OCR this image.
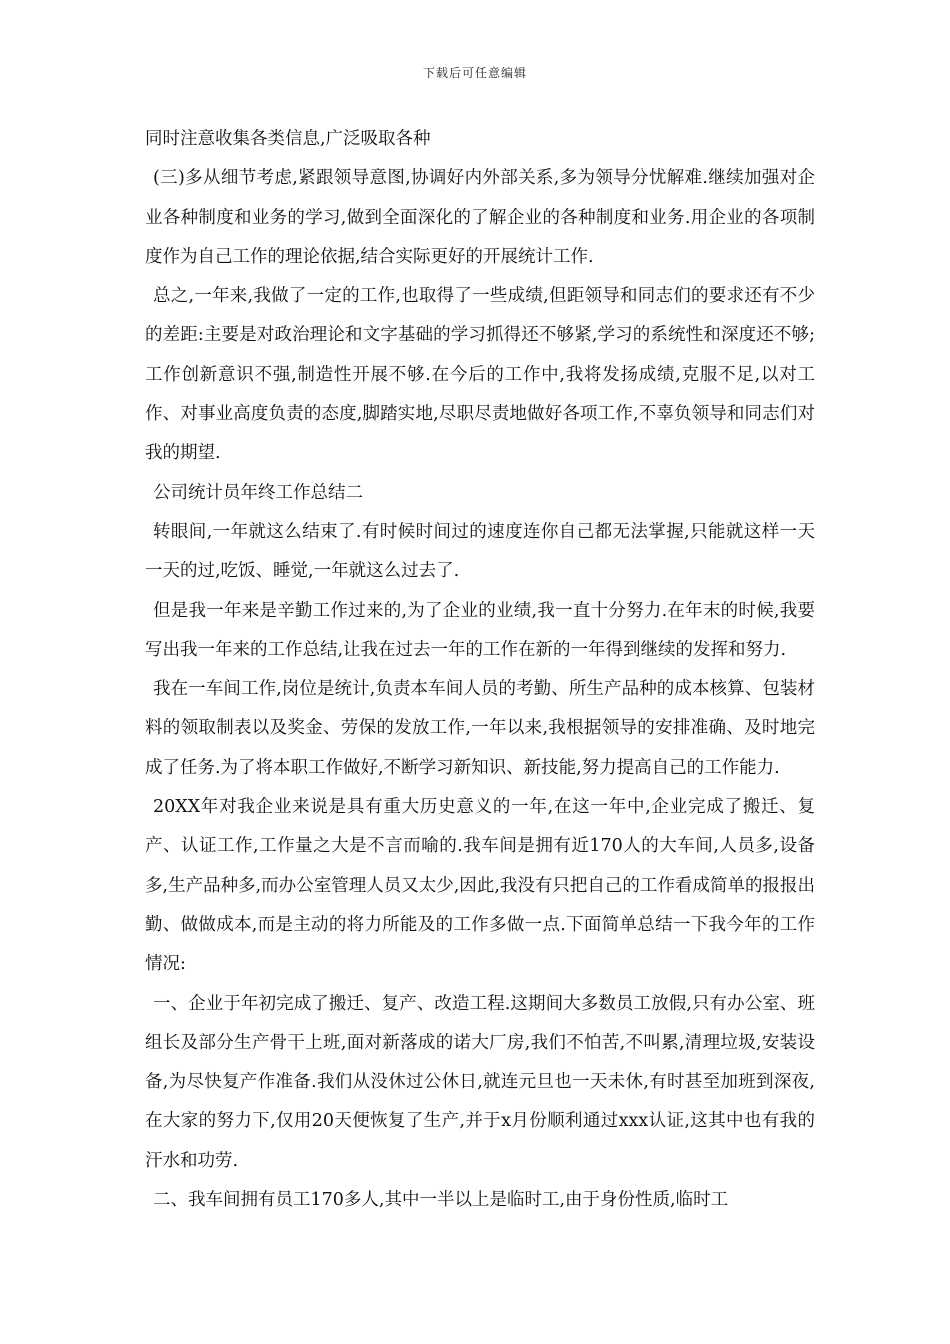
下载后可任意编辑

同时注意收集各类信息,广泛吸取各种

(三)多从细节考虑,紧跟领导意图,协调好内外部关系,多为领导分忧解难.继续加强对企业各种制度和业务的学习,做到全面深化的了解企业的各种制度和业务.用企业的各项制度作为自己工作的理论依据,结合实际更好的开展统计工作.

总之,一年来,我做了一定的工作,也取得了一些成绩,但距领导和同志们的要求还有不少的差距:主要是对政治理论和文字基础的学习抓得还不够紧,学习的系统性和深度还不够;工作创新意识不强,制造性开展不够.在今后的工作中,我将发扬成绩,克服不足,以对工作、对事业高度负责的态度,脚踏实地,尽职尽责地做好各项工作,不辜负领导和同志们对我的期望.

公司统计员年终工作总结二

转眼间,一年就这么结束了.有时候时间过的速度连你自己都无法掌握,只能就这样一天一天的过,吃饭、睡觉,一年就这么过去了.

但是我一年来是辛勤工作过来的,为了企业的业绩,我一直十分努力.在年末的时候,我要写出我一年来的工作总结,让我在过去一年的工作在新的一年得到继续的发挥和努力.

我在一车间工作,岗位是统计,负责本车间人员的考勤、所生产品种的成本核算、包装材料的领取制表以及奖金、劳保的发放工作,一年以来,我根据领导的安排准确、及时地完成了任务.为了将本职工作做好,不断学习新知识、新技能,努力提高自己的工作能力.

20XX年对我企业来说是具有重大历史意义的一年,在这一年中,企业完成了搬迁、复产、认证工作,工作量之大是不言而喻的.我车间是拥有近170人的大车间,人员多,设备多,生产品种多,而办公室管理人员又太少,因此,我没有只把自己的工作看成简单的报报出勤、做做成本,而是主动的将力所能及的工作多做一点.下面简单总结一下我今年的工作情况:

一、企业于年初完成了搬迁、复产、改造工程.这期间大多数员工放假,只有办公室、班组长及部分生产骨干上班,面对新落成的诺大厂房,我们不怕苦,不叫累,清理垃圾,安装设备,为尽快复产作准备.我们从没休过公休日,就连元旦也一天未休,有时甚至加班到深夜,在大家的努力下,仅用20天便恢复了生产,并于x月份顺利通过xxx认证,这其中也有我的汗水和功劳.

二、我车间拥有员工170多人,其中一半以上是临时工,由于身份性质,临时工
